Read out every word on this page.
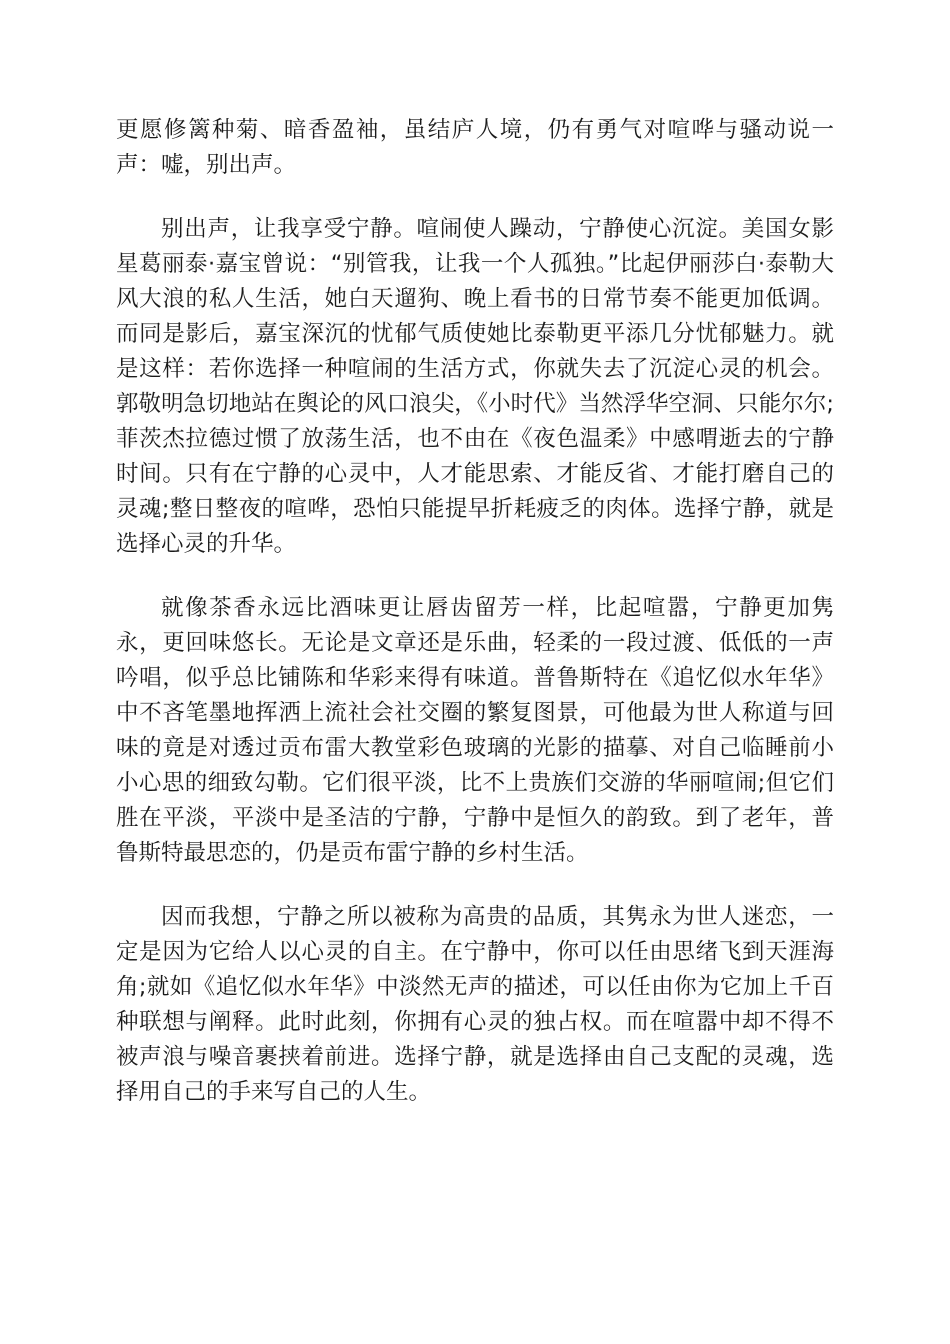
更愿修篱种菊、暗香盈袖，虽结庐人境，仍有勇气对喧哗与骚动说一声：嘘，别出声。

别出声，让我享受宁静。喧闹使人躁动，宁静使心沉淀。美国女影星葛丽泰·嘉宝曾说：“别管我，让我一个人孤独。”比起伊丽莎白·泰勒大风大浪的私人生活，她白天遛狗、晚上看书的日常节奏不能更加低调。而同是影后，嘉宝深沉的忧郁气质使她比泰勒更平添几分忧郁魅力。就是这样：若你选择一种喧闹的生活方式，你就失去了沉淀心灵的机会。郭敬明急切地站在舆论的风口浪尖，《小时代》当然浮华空洞、只能尔尔;菲茨杰拉德过惯了放荡生活，也不由在《夜色温柔》中感喟逝去的宁静时间。只有在宁静的心灵中，人才能思索、才能反省、才能打磨自己的灵魂;整日整夜的喧哗，恐怕只能提早折耗疲乏的肉体。选择宁静，就是选择心灵的升华。

就像茶香永远比酒味更让唇齿留芳一样，比起喧嚣，宁静更加隽永，更回味悠长。无论是文章还是乐曲，轻柔的一段过渡、低低的一声吟唱，似乎总比铺陈和华彩来得有味道。普鲁斯特在《追忆似水年华》中不吝笔墨地挥洒上流社会社交圈的繁复图景，可他最为世人称道与回味的竟是对透过贡布雷大教堂彩色玻璃的光影的描摹、对自己临睡前小小心思的细致勾勒。它们很平淡，比不上贵族们交游的华丽喧闹;但它们胜在平淡，平淡中是圣洁的宁静，宁静中是恒久的韵致。到了老年，普鲁斯特最思恋的，仍是贡布雷宁静的乡村生活。

因而我想，宁静之所以被称为高贵的品质，其隽永为世人迷恋，一定是因为它给人以心灵的自主。在宁静中，你可以任由思绪飞到天涯海角;就如《追忆似水年华》中淡然无声的描述，可以任由你为它加上千百种联想与阐释。此时此刻，你拥有心灵的独占权。而在喧嚣中却不得不被声浪与噪音裹挟着前进。选择宁静，就是选择由自己支配的灵魂，选择用自己的手来写自己的人生。
